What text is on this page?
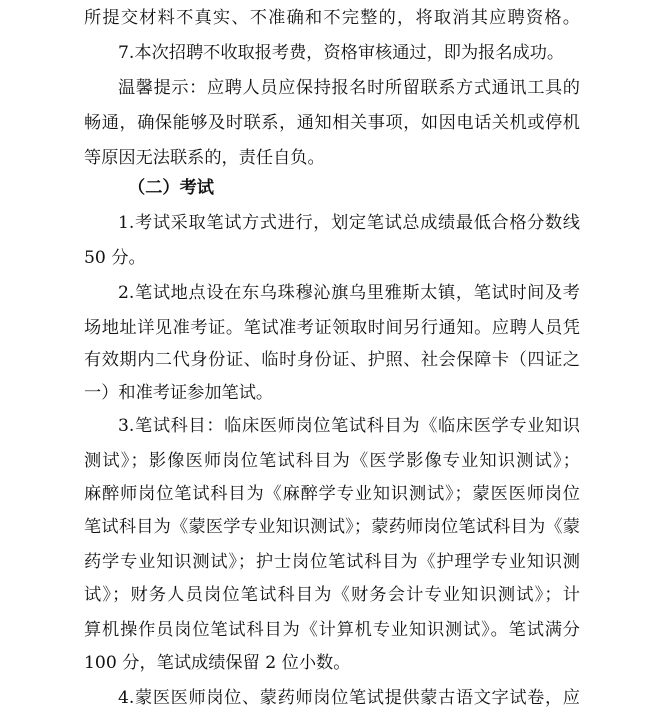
所提交材料不真实、不准确和不完整的，将取消其应聘资格。
7.本次招聘不收取报考费，资格审核通过，即为报名成功。
温馨提示：应聘人员应保持报名时所留联系方式通讯工具的
畅通，确保能够及时联系，通知相关事项，如因电话关机或停机
等原因无法联系的，责任自负。
（二）考试
1.考试采取笔试方式进行，划定笔试总成绩最低合格分数线
50 分。
2.笔试地点设在东乌珠穆沁旗乌里雅斯太镇，笔试时间及考
场地址详见准考证。笔试准考证领取时间另行通知。应聘人员凭
有效期内二代身份证、临时身份证、护照、社会保障卡（四证之
一）和准考证参加笔试。
3.笔试科目：临床医师岗位笔试科目为《临床医学专业知识
测试》；影像医师岗位笔试科目为《医学影像专业知识测试》；
麻醉师岗位笔试科目为《麻醉学专业知识测试》；蒙医医师岗位
笔试科目为《蒙医学专业知识测试》；蒙药师岗位笔试科目为《蒙
药学专业知识测试》；护士岗位笔试科目为《护理学专业知识测
试》；财务人员岗位笔试科目为《财务会计专业知识测试》；计
算机操作员岗位笔试科目为《计算机专业知识测试》。笔试满分
100 分，笔试成绩保留 2 位小数。
4.蒙医医师岗位、蒙药师岗位笔试提供蒙古语文字试卷，应
